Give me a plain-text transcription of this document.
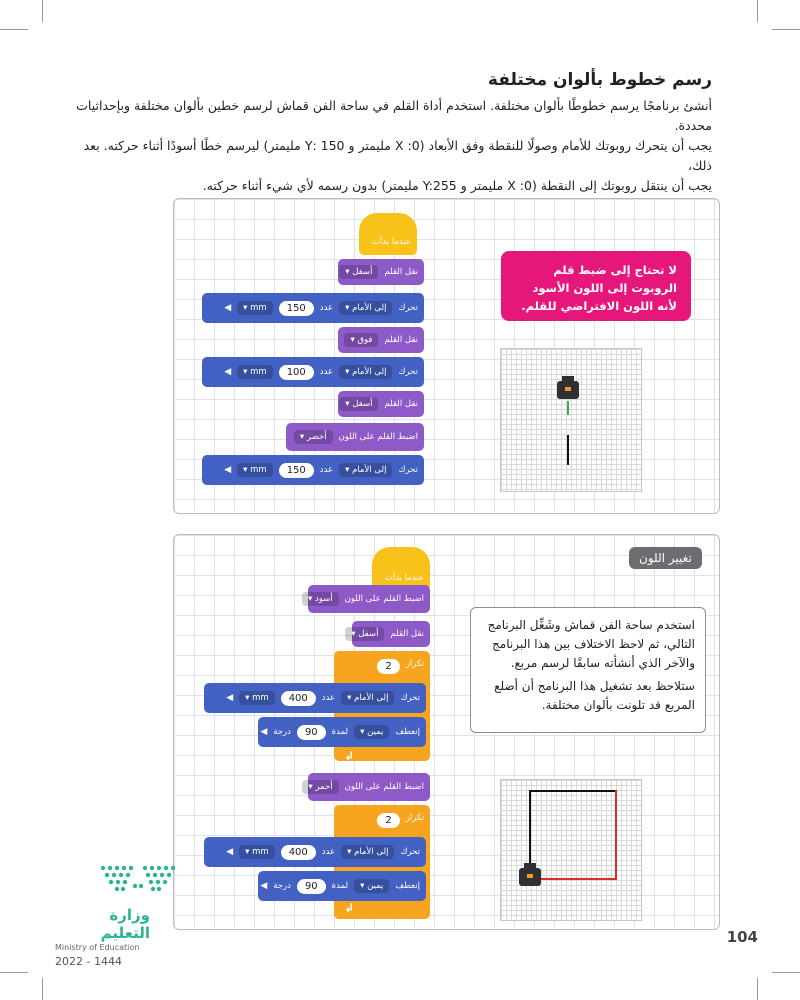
رسم خطوط بألوان مختلفة

أنشئ برنامجًا يرسم خطوطًا بألوان مختلفة. استخدم أداة القلم في ساحة الفن قماش لرسم خطين بألوان مختلفة وبإحداثيات محددة.

يجب أن يتحرك روبوتك للأمام وصولًا للنقطة وفق الأبعاد (X :0 مليمتر و 150 :Y مليمتر) ليرسم خطًا أسودًا أثناء حركته. بعد ذلك،

يجب أن ينتقل روبوتك إلى النقطة (X :0 مليمتر و Y:255 مليمتر) بدون رسمه لأي شيء أثناء حركته.

عندما بدأت
نقل القلم
أسفل ▾
تحرك
إلى الأمام ▾
عدد
150
mm ▾
◀
نقل القلم
فوق ▾
تحرك
إلى الأمام ▾
عدد
100
mm ▾
◀
نقل القلم
أسفل ▾
اضبط القلم على اللون
أخضر ▾
تحرك
إلى الأمام ▾
عدد
150
mm ▾
◀
لا تحتاج إلى ضبط قلم الروبوت إلى اللون الأسود لأنه اللون الافتراضي للقلم.
تغيير اللون
عندما بدأت
اضبط القلم على اللون
أسود ▾
نقل القلم
أسفل ▾
تكرار
2
تحرك
إلى الأمام ▾
عدد
400
mm ▾
◀
إنعطف
يمين ▾
لمدة
90
درجة
◀
↲
اضبط القلم على اللون
أحمر ▾
تكرار
2
تحرك
إلى الأمام ▾
عدد
400
mm ▾
◀
إنعطف
يمين ▾
لمدة
90
درجة
◀
↲

استخدم ساحة الفن قماش وشَغِّل البرنامج التالي، ثم لاحظ الاختلاف بين هذا البرنامج والآخر الذي أنشأته سابقًا لرسم مربع.

ستلاحظ بعد تشغيل هذا البرنامج أن أضلع المربع قد تلونت بألوان مختلفة.

وزارة التعليم
Ministry of Education
2022 - 1444
104
